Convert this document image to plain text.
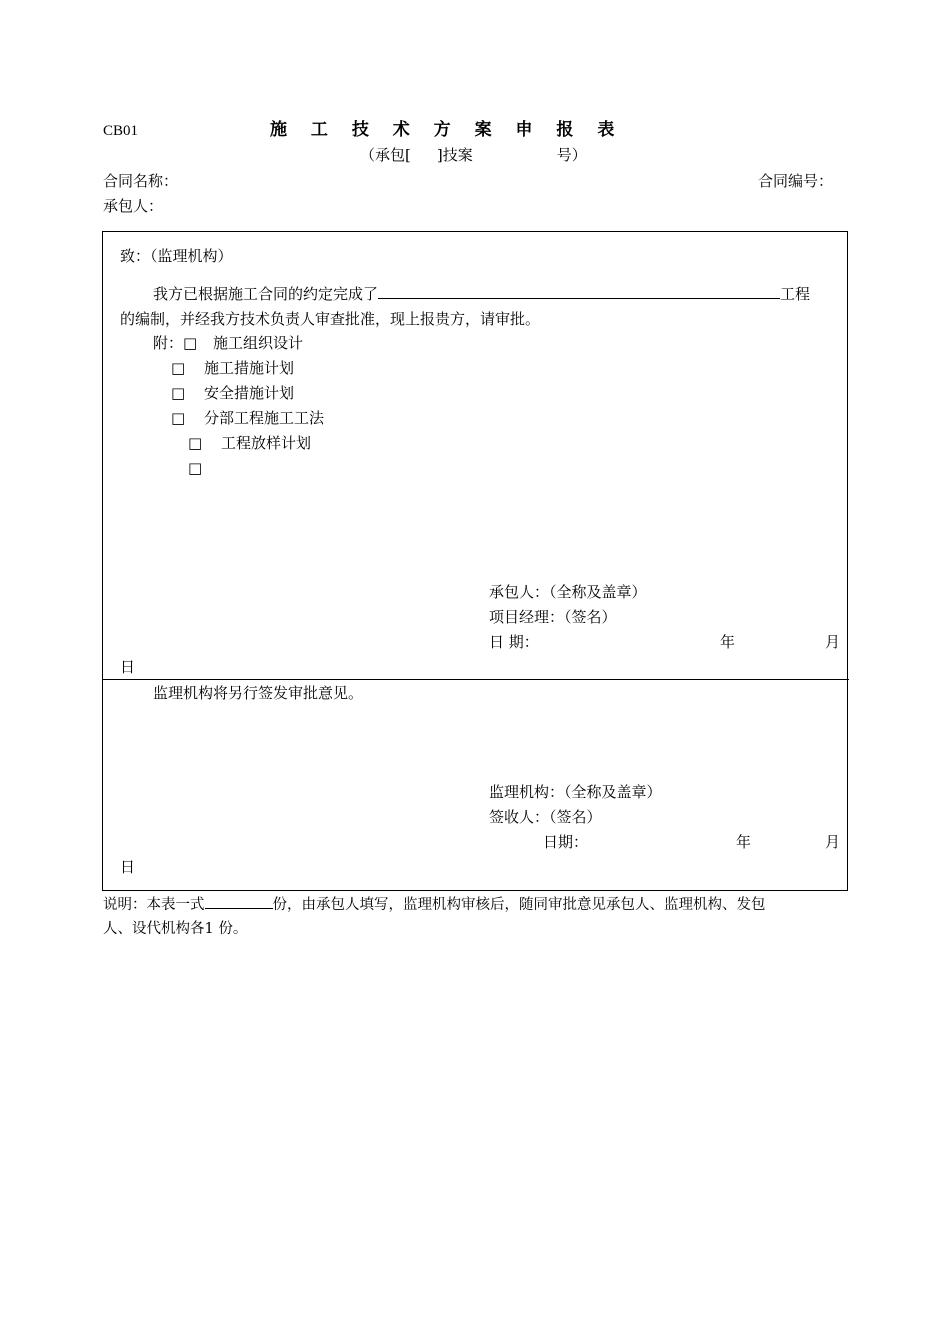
CB01	施 工 技 术 方 案 申 报 表
（承包[ ]技案	号）
合同名称：	合同编号：
承包人：
致：（监理机构）
我方已根据施工合同的约定完成了	工程
的编制，并经我方技术负责人审查批准，现上报贵方，请审批。
附：□ 施工组织设计
□ 施工措施计划
□ 安全措施计划
□ 分部工程施工工法
□ 工程放样计划
□
承包人：（全称及盖章）
项目经理：（签名）
日 期：	年	月
日
监理机构将另行签发审批意见。
监理机构：（全称及盖章）
签收人：（签名）
日期：	年	月
日
说明：本表一式	份，由承包人填写，监理机构审核后，随同审批意见承包人、监理机构、发包
人、设代机构各1 份。
